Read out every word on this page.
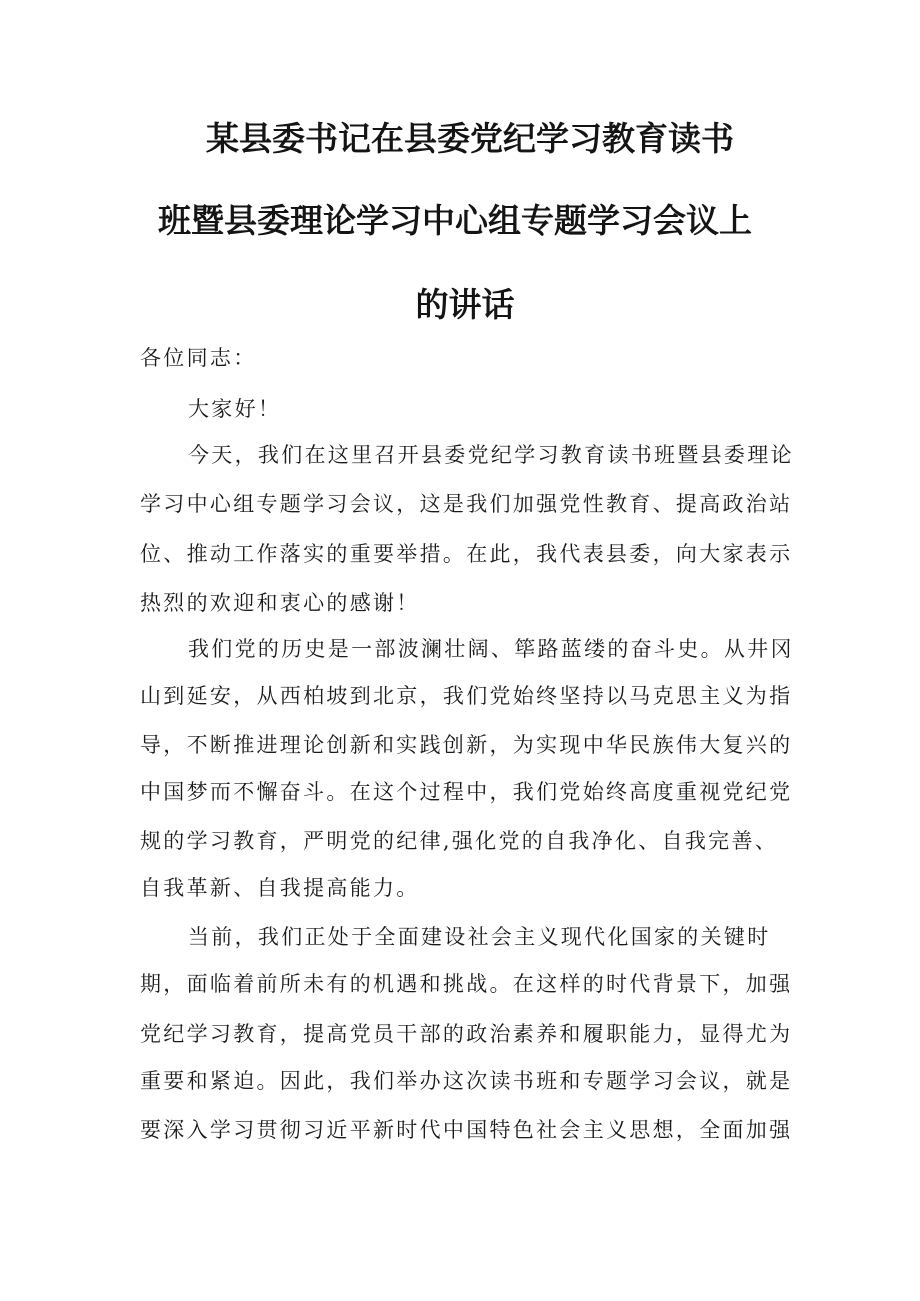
某县委书记在县委党纪学习教育读书
班暨县委理论学习中心组专题学习会议上
的讲话
各位同志：
大家好！
今天，我们在这里召开县委党纪学习教育读书班暨县委理论
学习中心组专题学习会议，这是我们加强党性教育、提高政治站
位、推动工作落实的重要举措。在此，我代表县委，向大家表示
热烈的欢迎和衷心的感谢！
我们党的历史是一部波澜壮阔、筚路蓝缕的奋斗史。从井冈
山到延安，从西柏坡到北京，我们党始终坚持以马克思主义为指
导，不断推进理论创新和实践创新，为实现中华民族伟大复兴的
中国梦而不懈奋斗。在这个过程中，我们党始终高度重视党纪党
规的学习教育，严明党的纪律,强化党的自我净化、自我完善、
自我革新、自我提高能力。
当前，我们正处于全面建设社会主义现代化国家的关键时
期，面临着前所未有的机遇和挑战。在这样的时代背景下，加强
党纪学习教育，提高党员干部的政治素养和履职能力，显得尤为
重要和紧迫。因此，我们举办这次读书班和专题学习会议，就是
要深入学习贯彻习近平新时代中国特色社会主义思想，全面加强
